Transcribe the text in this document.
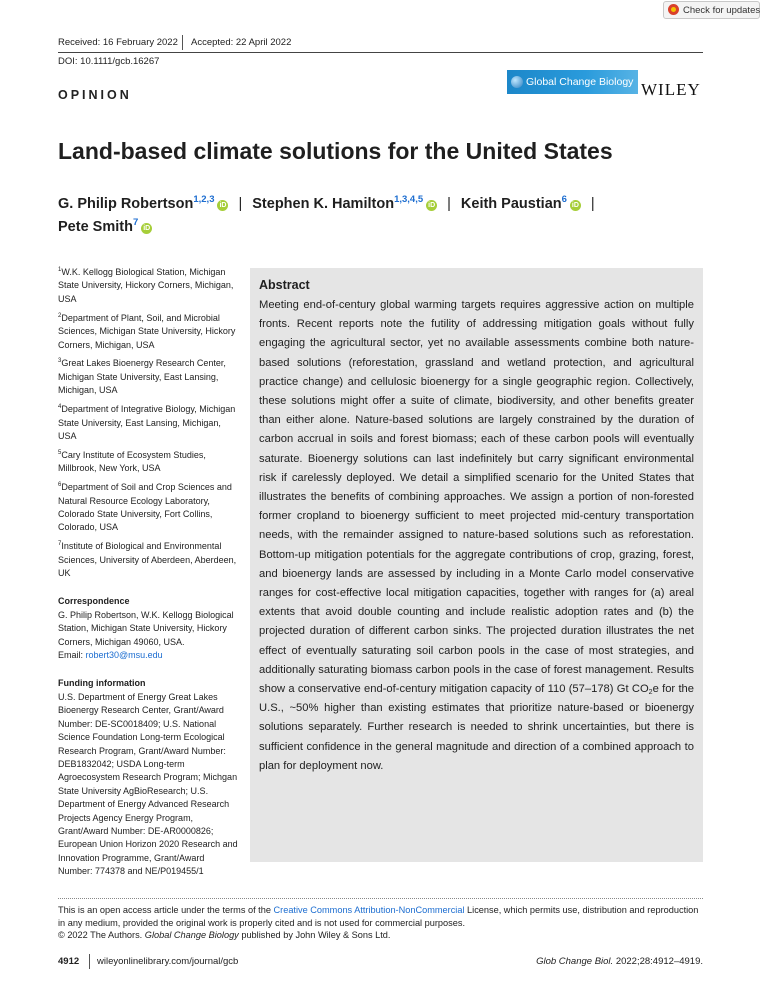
Check for updates
Received: 16 February 2022 Accepted: 22 April 2022
DOI: 10.1111/gcb.16267
OPINION
Global Change Biology WILEY
Land-based climate solutions for the United States
G. Philip Robertson$^{1,2,3}$iD | Stephen K. Hamilton$^{1,3,4,5}$iD | Keith Paustian$^6$iD |
Pete Smith$^7$iD

$^1$W.K. Kellogg Biological Station, Michigan State University, Hickory Corners, Michigan, USA

$^2$Department of Plant, Soil, and Microbial Sciences, Michigan State University, Hickory Corners, Michigan, USA

$^3$Great Lakes Bioenergy Research Center, Michigan State University, East Lansing, Michigan, USA

$^4$Department of Integrative Biology, Michigan State University, East Lansing, Michigan, USA

$^5$Cary Institute of Ecosystem Studies, Millbrook, New York, USA

$^6$Department of Soil and Crop Sciences and Natural Resource Ecology Laboratory, Colorado State University, Fort Collins, Colorado, USA

$^7$Institute of Biological and Environmental Sciences, University of Aberdeen, Aberdeen, UK

Correspondence
G. Philip Robertson, W.K. Kellogg Biological Station, Michigan State University, Hickory Corners, Michigan 49060, USA.
Email: robert30@msu.edu
Funding information
U.S. Department of Energy Great Lakes Bioenergy Research Center, Grant/Award Number: DE-SC0018409; U.S. National Science Foundation Long-term Ecological Research Program, Grant/Award Number: DEB1832042; USDA Long-term Agroecosystem Research Program; Michgan State University AgBioResearch; U.S. Department of Energy Advanced Research Projects Agency Energy Program, Grant/Award Number: DE-AR0000826; European Union Horizon 2020 Research and Innovation Programme, Grant/Award Number: 774378 and NE/P019455/1
Abstract
Meeting end-of-century global warming targets requires aggressive action on multiple fronts. Recent reports note the futility of addressing mitigation goals without fully engaging the agricultural sector, yet no available assessments combine both nature-based solutions (reforestation, grassland and wetland protection, and agricultural practice change) and cellulosic bioenergy for a single geographic region. Collectively, these solutions might offer a suite of climate, biodiversity, and other benefits greater than either alone. Nature-based solutions are largely constrained by the duration of carbon accrual in soils and forest biomass; each of these carbon pools will eventually saturate. Bioenergy solutions can last indefinitely but carry significant environmental risk if carelessly deployed. We detail a simplified scenario for the United States that illustrates the benefits of combining approaches. We assign a portion of non-forested former cropland to bioenergy sufficient to meet projected mid-century transportation needs, with the remainder assigned to nature-based solutions such as reforestation. Bottom-up mitigation potentials for the aggregate contributions of crop, grazing, forest, and bioenergy lands are assessed by including in a Monte Carlo model conservative ranges for cost-effective local mitigation capacities, together with ranges for (a) areal extents that avoid double counting and include realistic adoption rates and (b) the projected duration of different carbon sinks. The projected duration illustrates the net effect of eventually saturating soil carbon pools in the case of most strategies, and additionally saturating biomass carbon pools in the case of forest management. Results show a conservative end-of-century mitigation capacity of 110 (57–178) Gt $CO_2e$ for the U.S., ~50% higher than existing estimates that prioritize nature-based or bioenergy solutions separately. Further research is needed to shrink uncertainties, but there is sufficient confidence in the general magnitude and direction of a combined approach to plan for deployment now.
This is an open access article under the terms of the Creative Commons Attribution-NonCommercial License, which permits use, distribution and reproduction in any medium, provided the original work is properly cited and is not used for commercial purposes.
© 2022 The Authors. Global Change Biology published by John Wiley & Sons Ltd.
4912 wileyonlinelibrary.com/journal/gcb	Glob Change Biol. 2022;28:4912–4919.
